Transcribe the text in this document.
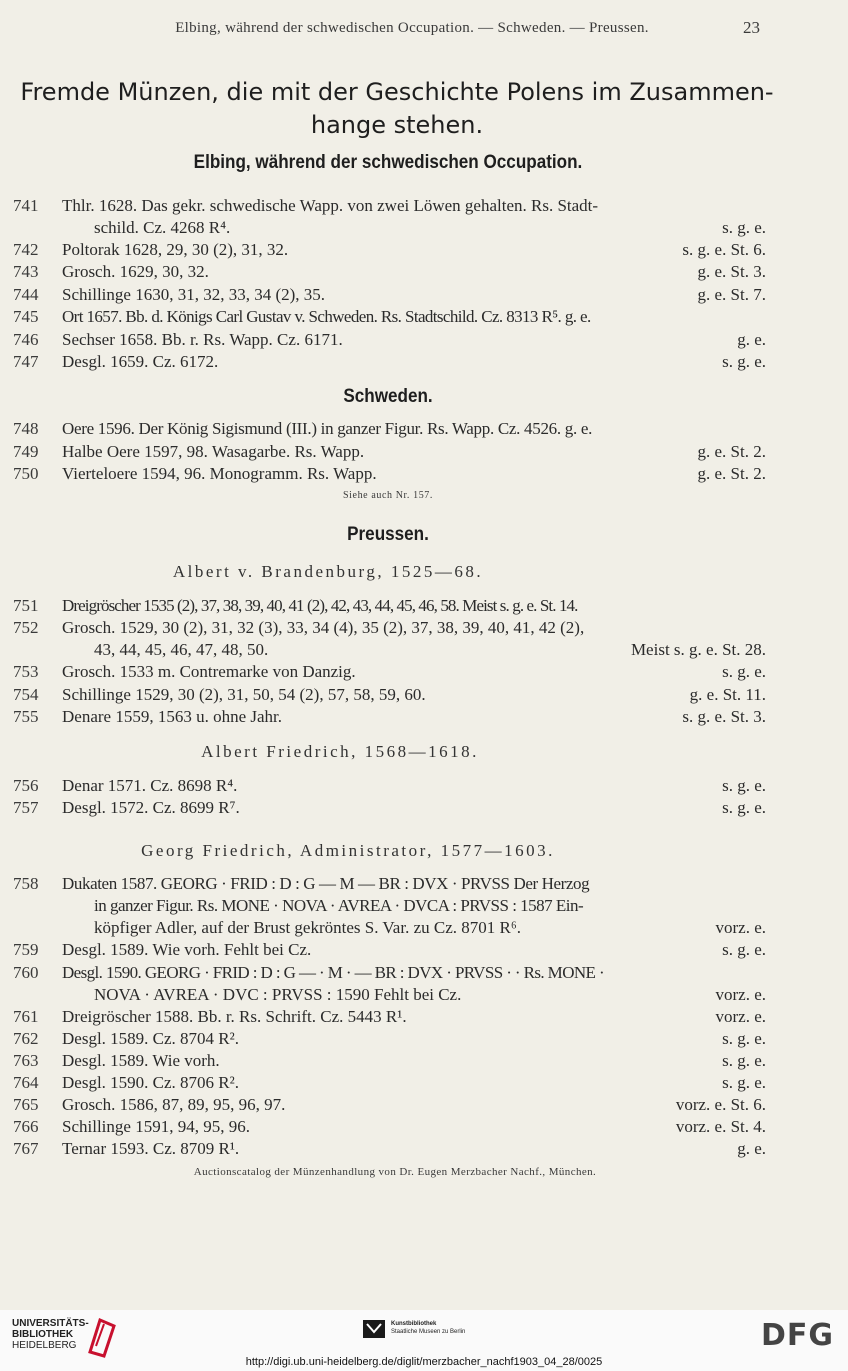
Elbing, während der schwedischen Occupation. — Schweden. — Preussen.	23
Fremde Münzen, die mit der Geschichte Polens im Zusammen-
hange stehen.
Elbing, während der schwedischen Occupation.
741	Thlr. 1628. Das gekr. schwedische Wapp. von zwei Löwen gehalten. Rs. Stadt-
schild. Cz. 4268 R⁴.	s. g. e.
742	Poltorak 1628, 29, 30 (2), 31, 32.	s. g. e. St. 6.
743	Grosch. 1629, 30, 32.	g. e. St. 3.
744	Schillinge 1630, 31, 32, 33, 34 (2), 35.	g. e. St. 7.
745	Ort 1657. Bb. d. Königs Carl Gustav v. Schweden. Rs. Stadtschild. Cz. 8313 R⁵. g. e.
746	Sechser 1658. Bb. r. Rs. Wapp. Cz. 6171.	g. e.
747	Desgl. 1659. Cz. 6172.	s. g. e.
Schweden.
748	Oere 1596. Der König Sigismund (III.) in ganzer Figur. Rs. Wapp. Cz. 4526. g. e.
749	Halbe Oere 1597, 98. Wasagarbe. Rs. Wapp.	g. e. St. 2.
750	Vierteloere 1594, 96. Monogramm. Rs. Wapp.	g. e. St. 2.
Siehe auch Nr. 157.
Preussen.
Albert v. Brandenburg, 1525—68.
751	Dreigröscher 1535 (2), 37, 38, 39, 40, 41 (2), 42, 43, 44, 45, 46, 58. Meist s. g. e. St. 14.
752	Grosch. 1529, 30 (2), 31, 32 (3), 33, 34 (4), 35 (2), 37, 38, 39, 40, 41, 42 (2),
43, 44, 45, 46, 47, 48, 50.	Meist s. g. e. St. 28.
753	Grosch. 1533 m. Contremarke von Danzig.	s. g. e.
754	Schillinge 1529, 30 (2), 31, 50, 54 (2), 57, 58, 59, 60.	g. e. St. 11.
755	Denare 1559, 1563 u. ohne Jahr.	s. g. e. St. 3.
Albert Friedrich, 1568—1618.
756	Denar 1571. Cz. 8698 R⁴.	s. g. e.
757	Desgl. 1572. Cz. 8699 R⁷.	s. g. e.
Georg Friedrich, Administrator, 1577—1603.
758	Dukaten 1587. GEORG · FRID : D : G — M — BR : DVX · PRVSS Der Herzog
in ganzer Figur. Rs. MONE · NOVA · AVREA · DVCA : PRVSS : 1587 Ein-
köpfiger Adler, auf der Brust gekröntes S. Var. zu Cz. 8701 R⁶.	vorz. e.
759	Desgl. 1589. Wie vorh. Fehlt bei Cz.	s. g. e.
760	Desgl. 1590. GEORG · FRID : D : G — · M · — BR : DVX · PRVSS · · Rs. MONE ·
NOVA · AVREA · DVC : PRVSS : 1590 Fehlt bei Cz.	vorz. e.
761	Dreigröscher 1588. Bb. r. Rs. Schrift. Cz. 5443 R¹.	vorz. e.
762	Desgl. 1589. Cz. 8704 R².	s. g. e.
763	Desgl. 1589. Wie vorh.	s. g. e.
764	Desgl. 1590. Cz. 8706 R².	s. g. e.
765	Grosch. 1586, 87, 89, 95, 96, 97.	vorz. e. St. 6.
766	Schillinge 1591, 94, 95, 96.	vorz. e. St. 4.
767	Ternar 1593. Cz. 8709 R¹.	g. e.
Auctionscatalog der Münzenhandlung von Dr. Eugen Merzbacher Nachf., München.
UNIVERSITÄTS-
BIBLIOTHEK
HEIDELBERG
Kunstbibliothek
Staatliche Museen zu Berlin	DFG
http://digi.ub.uni-heidelberg.de/diglit/merzbacher_nachf1903_04_28/0025
